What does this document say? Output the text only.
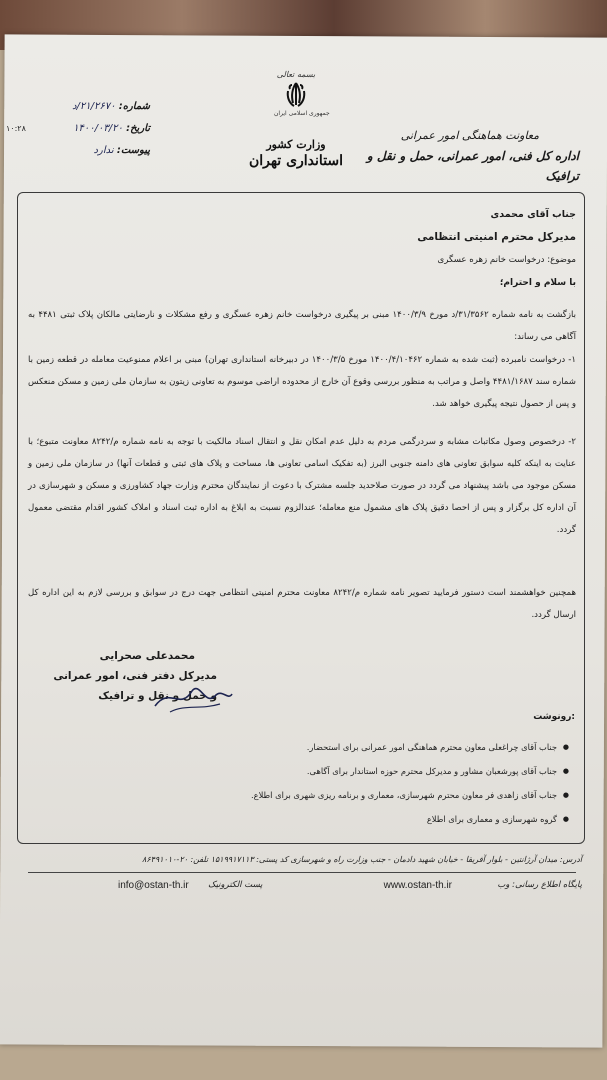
بسمه تعالی
جمهوری اسلامی ایران
وزارت کشور
استانداری تهران
معاونت هماهنگی امور عمرانی
اداره کل فنی، امور عمرانی، حمل و نقل و ترافیک
شماره: ۲۱/۲۶۷۰/د
تاریخ: ۱۴۰۰/۰۳/۲۰
پیوست: ندارد
۱۰:۲۸
جناب آقای محمدی
مدیرکل محترم امنیتی انتظامی
موضوع: درخواست خانم زهره عسگری
با سلام و احترام؛
بازگشت به نامه شماره ۳۱/۳۵۶۲/د مورخ ۱۴۰۰/۳/۹ مبنی بر پیگیری درخواست خانم زهره عسگری و رفع مشکلات و نارضایتی مالکان پلاک ثبتی ۴۴۸۱ به آگاهی می رساند:
۱- درخواست نامبرده (ثبت شده به شماره ۱۴۰۰/۴/۱۰۴۶۲ مورخ ۱۴۰۰/۳/۵ در دبیرخانه استانداری تهران) مبنی بر اعلام ممنوعیت معامله در قطعه زمین با شماره سند ۴۴۸۱/۱۶۸۷ واصل و مراتب به منظور بررسی وقوع آن خارج از محدوده اراضی موسوم به تعاونی زیتون به سازمان ملی زمین و مسکن منعکس و پس از حصول نتیجه پیگیری خواهد شد.
۲- درخصوص وصول مکاتبات مشابه و سردرگمی مردم به دلیل عدم امکان نقل و انتقال اسناد مالکیت با توجه به نامه شماره م/۸۲۴۲ معاونت متبوع؛ با عنایت به اینکه کلیه سوابق تعاونی های دامنه جنوبی البرز (به تفکیک اسامی تعاونی ها، مساحت و پلاک های ثبتی و قطعات آنها) در سازمان ملی زمین و مسکن موجود می باشد پیشنهاد می گردد در صورت صلاحدید جلسه مشترک با دعوت از نمایندگان محترم وزارت جهاد کشاورزی و مسکن و شهرسازی در آن اداره کل برگزار و پس از احصا دقیق پلاک های مشمول منع معامله؛ عندالزوم نسبت به ابلاغ به اداره ثبت اسناد و املاک کشور اقدام مقتضی معمول گردد.
همچنین خواهشمند است دستور فرمایید تصویر نامه شماره م/۸۲۴۲ معاونت محترم امنیتی انتظامی جهت درج در سوابق و بررسی لازم به این اداره کل ارسال گردد.
محمدعلی صحرایی
مدیرکل دفتر فنی، امور عمرانی
و حمل و نقل و ترافیک
رونوشت:
● جناب آقای چراغعلی معاون محترم هماهنگی امور عمرانی برای استحضار.
● جناب آقای پورشعبان مشاور و مدیرکل محترم حوزه استاندار برای آگاهی.
● جناب آقای زاهدی فر معاون محترم شهرسازی، معماری و برنامه ریزی شهری برای اطلاع.
● گروه شهرسازی و معماری برای اطلاع
آدرس: میدان آرژانتین - بلوار آفریقا - خیابان شهید دادمان - جنب وزارت راه و شهرسازی کد پستی: ۱۵۱۹۹۱۷۱۱۳ تلفن: ۲۰-۸۶۴۹۱۰۱۰
پایگاه اطلاع رسانی: وب
www.ostan-th.ir
پست الکترونیک
info@ostan-th.ir
